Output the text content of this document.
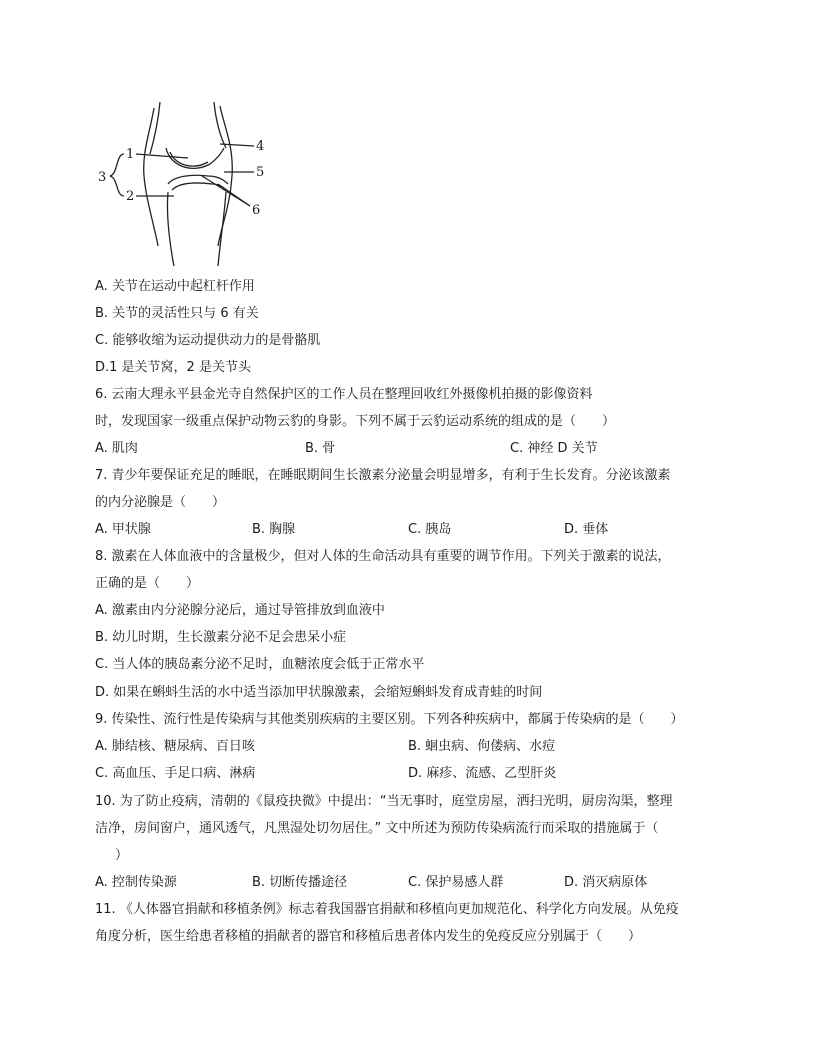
1
2
3
4
5
6
A. 关节在运动中起杠杆作用
B. 关节的灵活性只与 6 有关
C. 能够收缩为运动提供动力的是骨骼肌
D.1 是关节窝，2 是关节头
6. 云南大理永平县金光寺自然保护区的工作人员在整理回收红外摄像机拍摄的影像资料
时，发现国家一级重点保护动物云豹的身影。下列不属于云豹运动系统的组成的是（　　）
A. 肌肉	B. 骨	C. 神经 D 关节
7. 青少年要保证充足的睡眠，在睡眠期间生长激素分泌量会明显增多，有利于生长发育。分泌该激素
的内分泌腺是（　　）
A. 甲状腺	B. 胸腺	C. 胰岛	D. 垂体
8. 激素在人体血液中的含量极少，但对人体的生命活动具有重要的调节作用。下列关于激素的说法，
正确的是（　　）
A. 激素由内分泌腺分泌后，通过导管排放到血液中
B. 幼儿时期，生长激素分泌不足会患呆小症
C. 当人体的胰岛素分泌不足时，血糖浓度会低于正常水平
D. 如果在蝌蚪生活的水中适当添加甲状腺激素，会缩短蝌蚪发育成青蛙的时间
9. 传染性、流行性是传染病与其他类别疾病的主要区别。下列各种疾病中，都属于传染病的是（　　）
A. 肺结核、糖尿病、百日咳	B. 蛔虫病、佝偻病、水痘
C. 高血压、手足口病、淋病	D. 麻疹、流感、乙型肝炎
10. 为了防止疫病，清朝的《鼠疫抉微》中提出：“当无事时，庭堂房屋，洒扫光明，厨房沟渠，整理
洁净，房间窗户，通风透气，凡黑湿处切勿居住。” 文中所述为预防传染病流行而采取的措施属于（
）
A. 控制传染源	B. 切断传播途径	C. 保护易感人群	D. 消灭病原体
11. 《人体器官捐献和移植条例》标志着我国器官捐献和移植向更加规范化、科学化方向发展。从免疫
角度分析，医生给患者移植的捐献者的器官和移植后患者体内发生的免疫反应分别属于（　　）
